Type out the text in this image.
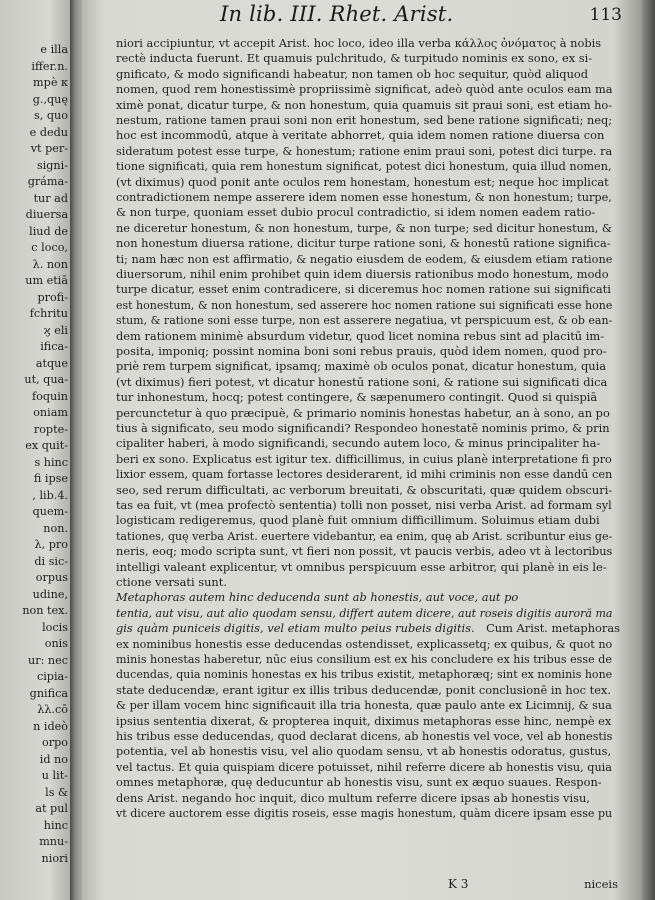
e illa
iffer.n.
mpè κ
g.,quę
s, quo
e dedu
vt per-
signi-
gráma-
tur ad
diuersa
liud de
c loco,
λ. non
um etiā
profi-
fchritu
ϗ eli
ifica-
atque
ut, qua-
foquin
oniam
ropte-
ex quit-
s hinc
fi ipse
, lib.4.
quem-
non.
λ, pro
di sic-
orpus
udine,
non tex.
locis
onis
ur: nec
cipia-
gnifica
λλ.cō
n ideò
orpo
id no
u lit-
ls &
at pul
hinc
mnu-
niori
In lib. III. Rhet. Arist.	113
niori accipiuntur, vt accepit Arist. hoc loco, ideo illa verba κάλλος ὀνόματος à nobis
rectè inducta fuerunt. Et quamuis pulchritudo, & turpitudo nominis ex sono, ex si-
gnificato, & modo significandi habeatur, non tamen ob hoc sequitur, quòd aliquod
nomen, quod rem honestissimè propriissimè significat, adeò quòd ante oculos eam ma
ximè ponat, dicatur turpe, & non honestum, quia quamuis sit praui soni, est etiam ho-
nestum, ratione tamen praui soni non erit honestum, sed bene ratione significati; neq;
hoc est incommodū, atque à veritate abhorret, quia idem nomen ratione diuersa con
sideratum potest esse turpe, & honestum; ratione enim praui soni, potest dici turpe. ra
tione significati, quia rem honestum significat, potest dici honestum, quia illud nomen,
(vt diximus) quod ponit ante oculos rem honestam, honestum est; neque hoc implicat
contradictionem nempe asserere idem nomen esse honestum, & non honestum; turpe,
& non turpe, quoniam esset dubio procul contradictio, si idem nomen eadem ratio-
ne diceretur honestum, & non honestum, turpe, & non turpe; sed dicitur honestum, &
non honestum diuersa ratione, dicitur turpe ratione soni, & honestū ratione significa-
ti; nam hæc non est affirmatio, & negatio eiusdem de eodem, & eiusdem etiam ratione
diuersorum, nihil enim prohibet quin idem diuersis rationibus modo honestum, modo
turpe dicatur, esset enim contradicere, si diceremus hoc nomen ratione sui significati
est honestum, & non honestum, sed asserere hoc nomen ratione sui significati esse hone
stum, & ratione soni esse turpe, non est asserere negatiua, vt perspicuum est, & ob ean-
dem rationem minimè absurdum videtur, quod licet nomina rebus sint ad placitū im-
posita, imponiq; possint nomina boni soni rebus prauis, quòd idem nomen, quod pro-
priè rem turpem significat, ipsamq; maximè ob oculos ponat, dicatur honestum, quia
(vt diximus) fieri potest, vt dicatur honestū ratione soni, & ratione sui significati dica
tur inhonestum, hocq; potest contingere, & sæpenumero contingit. Quod si quispiā
percunctetur à quo præcipuè, & primario nominis honestas habetur, an à sono, an po
tius à significato, seu modo significandi? Respondeo honestatē nominis primo, & prin
cipaliter haberi, à modo significandi, secundo autem loco, & minus principaliter ha-
beri ex sono. Explicatus est igitur tex. difficillimus, in cuius planè interpretatione fi pro
lixior essem, quam fortasse lectores desiderarent, id mihi criminis non esse dandū cen
seo, sed rerum difficultati, ac verborum breuitati, & obscuritati, quæ quidem obscuri-
tas ea fuit, vt (mea profectò sententia) tolli non posset, nisi verba Arist. ad formam syl
logisticam redigeremus, quod planè fuit omnium difficillimum. Soluimus etiam dubi
tationes, quę verba Arist. euertere videbantur, ea enim, quę ab Arist. scribuntur eius ge-
neris, eoq; modo scripta sunt, vt fieri non possit, vt paucis verbis, adeo vt à lectoribus
intelligi valeant explicentur, vt omnibus perspicuum esse arbitror, qui planè in eis le-
ctione versati sunt.
Metaphoras autem hinc deducenda sunt ab honestis, aut voce, aut po
tentia, aut visu, aut alio quodam sensu, differt autem dicere, aut roseis digitis auroră ma
gis quàm puniceis digitis, vel etiam multo peius rubeis digitis. Cum Arist. metaphoras
ex nominibus honestis esse deducendas ostendisset, explicassetq; ex quibus, & quot no
minis honestas haberetur, nūc eius consilium est ex his concludere ex his tribus esse de
ducendas, quia nominis honestas ex his tribus existit, metaphoræq; sint ex nominis hone
state deducendæ, erant igitur ex illis tribus deducendæ, ponit conclusionē in hoc tex.
& per illam vocem hinc significauit illa tria honesta, quæ paulo ante ex Licimnij, & sua
ipsius sententia dixerat, & propterea inquit, diximus metaphoras esse hinc, nempè ex
his tribus esse deducendas, quod declarat dicens, ab honestis vel voce, vel ab honestis
potentia, vel ab honestis visu, vel alio quodam sensu, vt ab honestis odoratus, gustus,
vel tactus. Et quia quispiam dicere potuisset, nihil referre dicere ab honestis visu, quia
omnes metaphoræ, quę deducuntur ab honestis visu, sunt ex æquo suaues. Respon-
dens Arist. negando hoc inquit, dico multum referre dicere ipsas ab honestis visu,
vt dicere auctorem esse digitis roseis, esse magis honestum, quàm dicere ipsam esse pu
K 3	niceis
